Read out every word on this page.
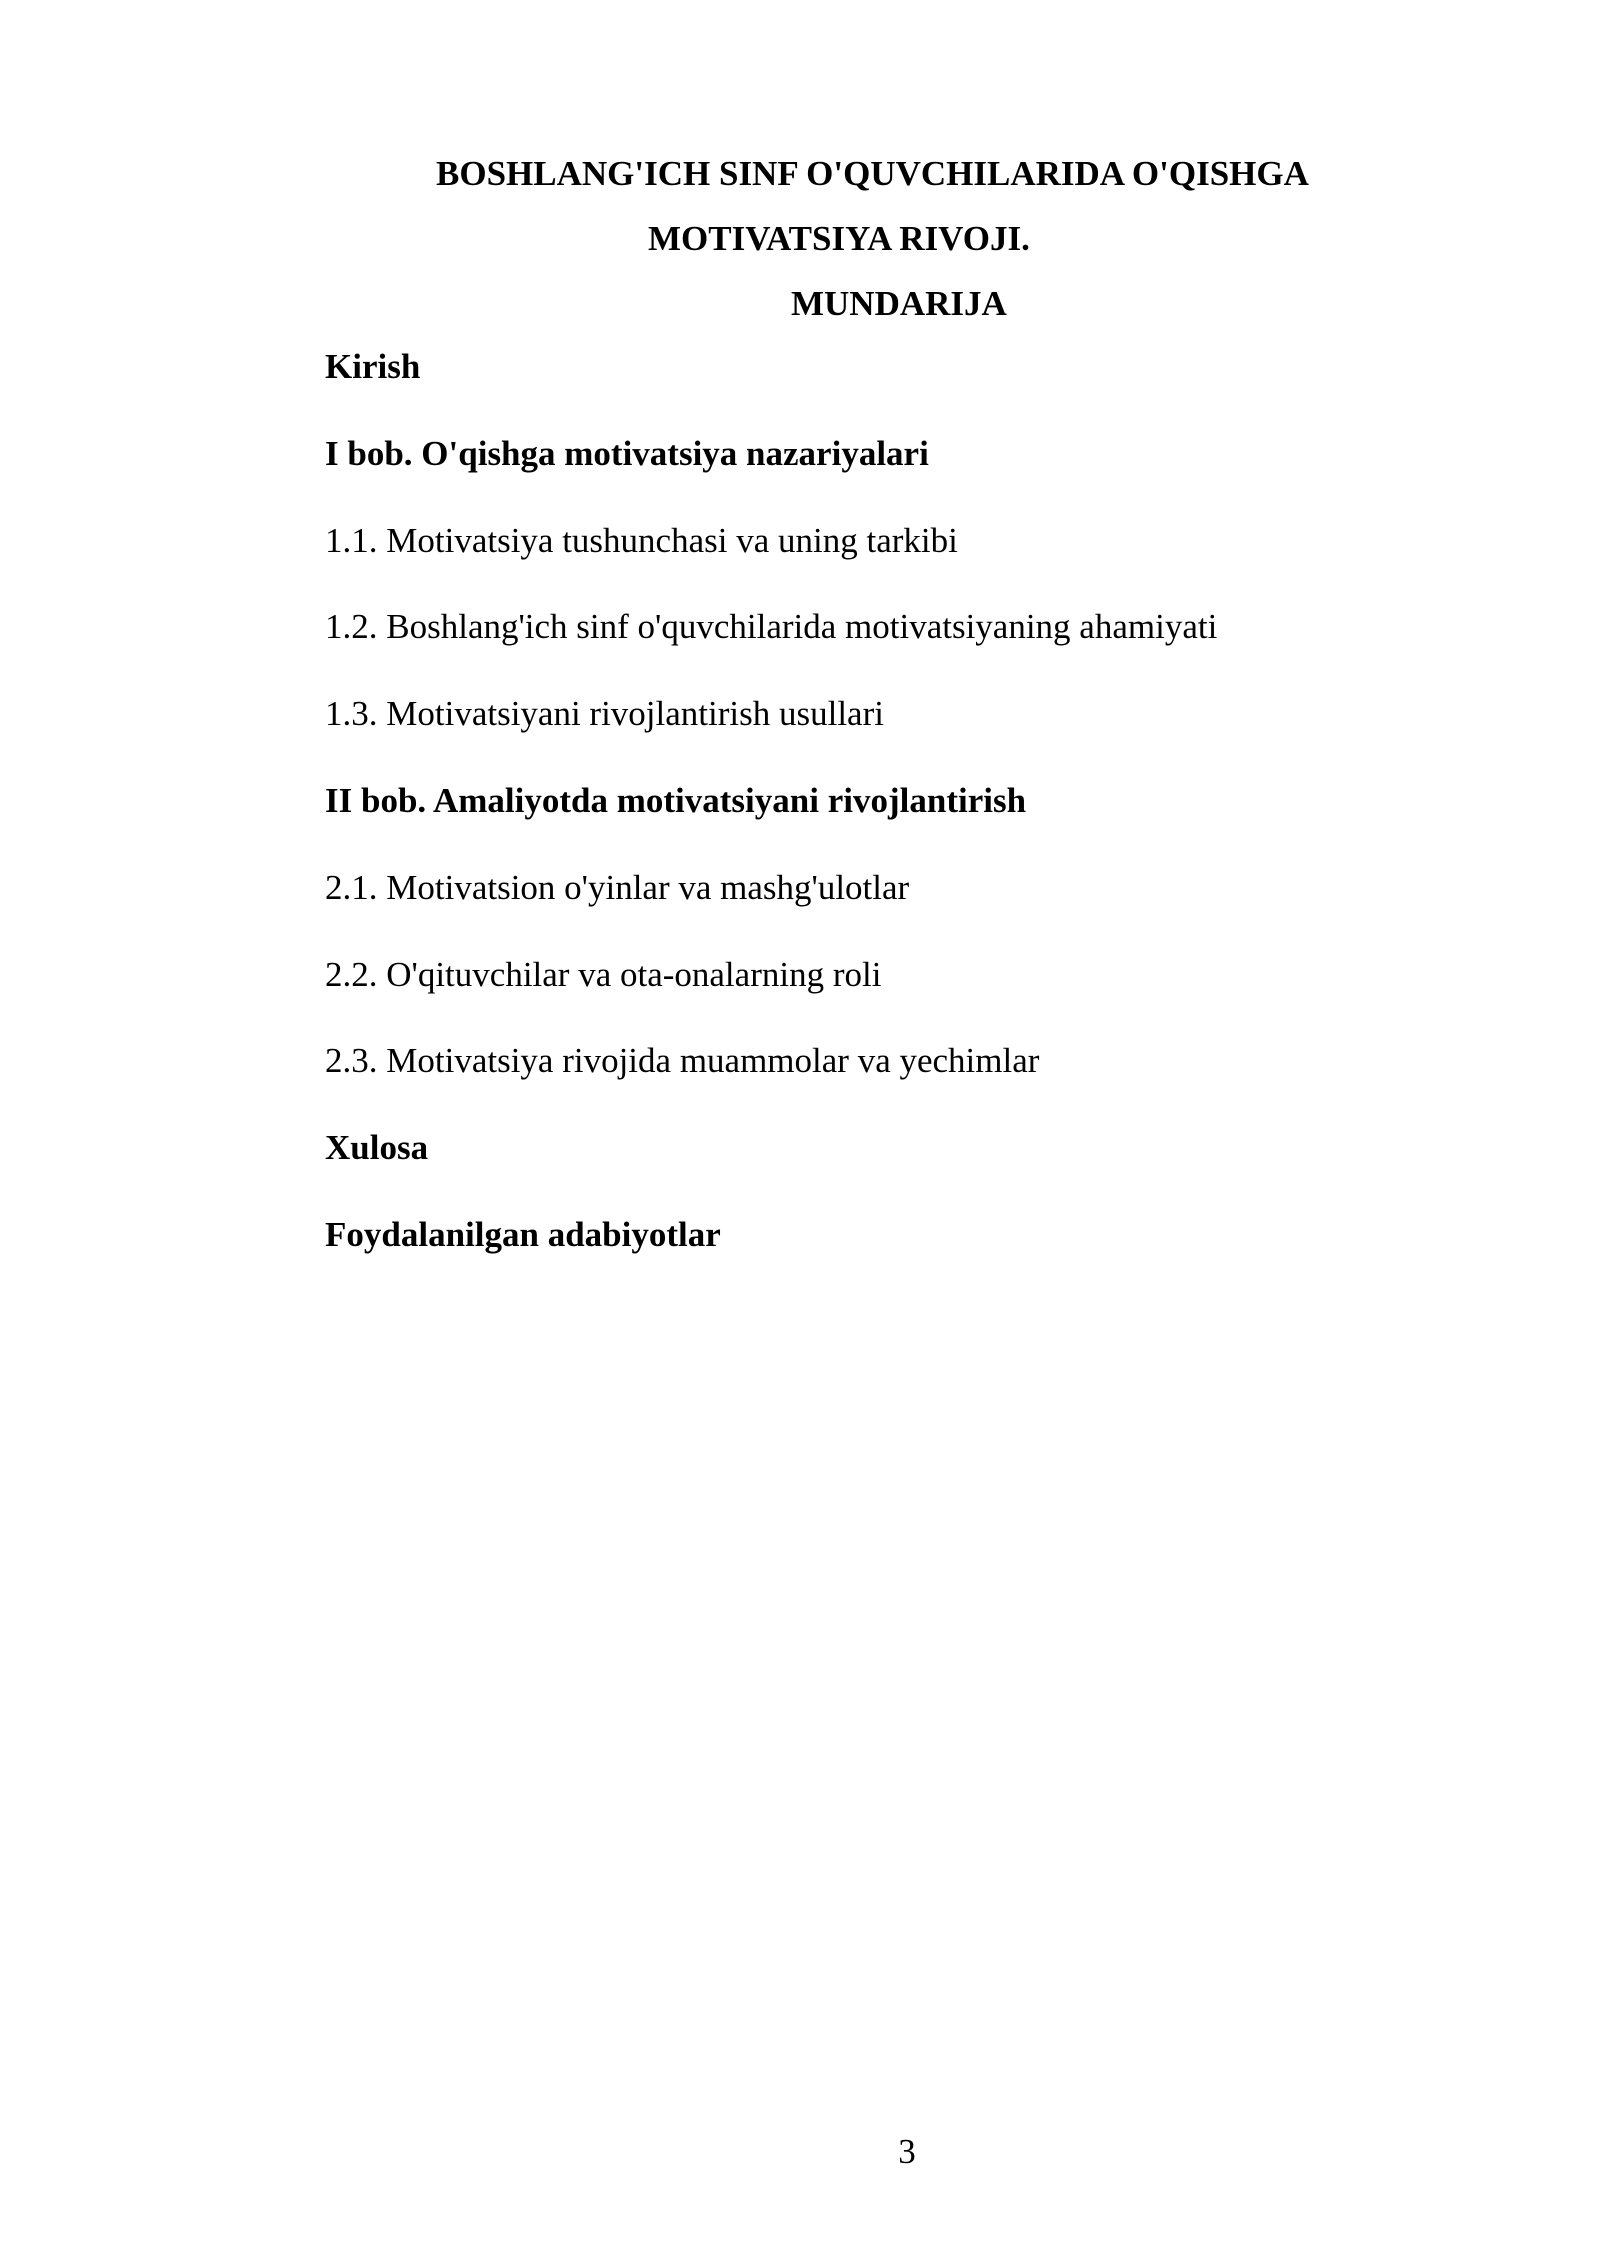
BOSHLANG'ICH SINF O'QUVCHILARIDA O'QISHGA
MOTIVATSIYA RIVOJI.
MUNDARIJA
Kirish
I bob. O'qishga motivatsiya nazariyalari
1.1. Motivatsiya tushunchasi va uning tarkibi
1.2. Boshlang'ich sinf o'quvchilarida motivatsiyaning ahamiyati
1.3. Motivatsiyani rivojlantirish usullari
II bob. Amaliyotda motivatsiyani rivojlantirish
2.1. Motivatsion o'yinlar va mashg'ulotlar
2.2. O'qituvchilar va ota-onalarning roli
2.3. Motivatsiya rivojida muammolar va yechimlar
Xulosa
Foydalanilgan adabiyotlar
3
